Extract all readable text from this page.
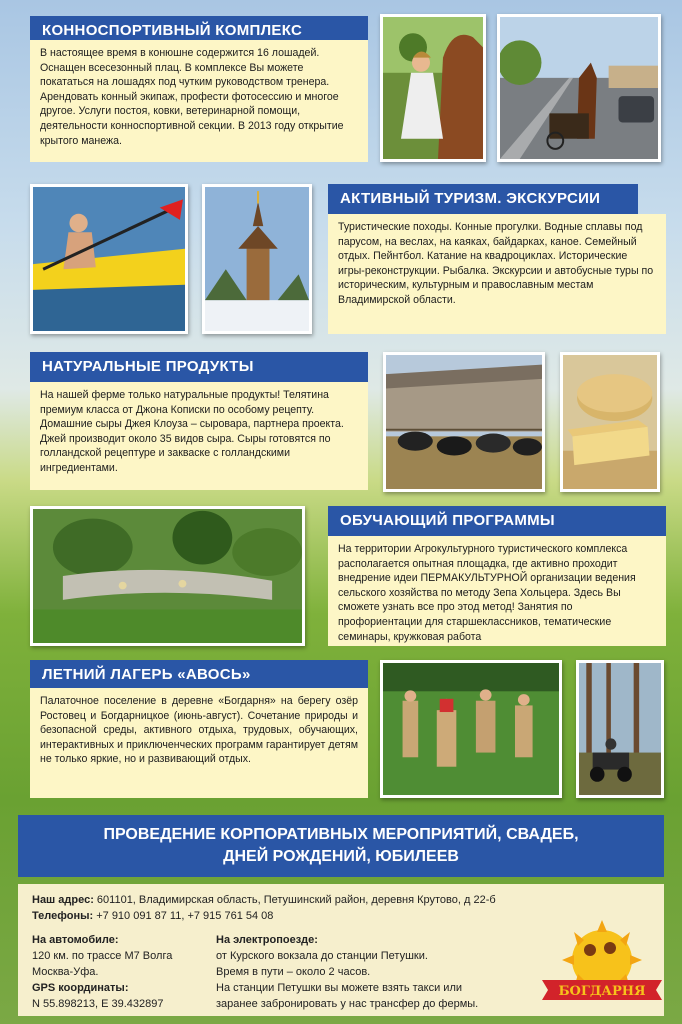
КОННОСПОРТИВНЫЙ КОМПЛЕКС
В настоящее время в конюшне содержится 16 лошадей. Оснащен всесезонный плац. В комплексе Вы можете покататься на лошадях под чутким руководством тренера. Арендовать конный экипаж, профести фотосессию и многое другое. Услуги постоя, ковки, ветеринарной помощи, деятельности конноспортивной секции. В 2013 году открытие крытого манежа.
АКТИВНЫЙ ТУРИЗМ. ЭКСКУРСИИ
Туристические походы. Конные прогулки. Водные сплавы под парусом, на веслах, на каяках, байдарках, каное. Семейный отдых. Пейнтбол. Катание на квадроциклах. Исторические игры-реконструкции. Рыбалка. Экскурсии и автобусные туры по историческим, культурным и православным местам Владимирской области.
НАТУРАЛЬНЫЕ ПРОДУКТЫ
На нашей ферме только натуральные продукты! Телятина премиум класса от Джона Кописки по особому рецепту. Домашние сыры Джея Клоуза – сыровара, партнера проекта. Джей производит около 35 видов сыра. Сыры готовятся по голландской рецептуре и закваске с голландскими ингредиентами.
ОБУЧАЮЩИЙ ПРОГРАММЫ
На территории Агрокультурного туристического комплекса располагается опытная площадка, где активно проходит внедрение идеи ПЕРМАКУЛЬТУРНОЙ организации ведения сельского хозяйства по методу Зепа Хольцера. Здесь Вы сможете узнать все про этод метод! Занятия по профориентации для старшеклассников, тематические семинары, кружковая работа
ЛЕТНИЙ ЛАГЕРЬ «АВОСЬ»
Палаточное поселение в деревне «Богдарня» на берегу озёр Ростовец и Богдарницкое (июнь-август). Сочетание природы и безопасной среды, активного отдыха, трудовых, обучающих, интерактивных и приключенческих программ гарантирует детям не только яркие, но и развивающий отдых.
ПРОВЕДЕНИЕ КОРПОРАТИВНЫХ МЕРОПРИЯТИЙ, СВАДЕБ,
ДНЕЙ РОЖДЕНИЙ, ЮБИЛЕЕВ
Наш адрес: 601101, Владимирская область, Петушинский район, деревня Крутово, д 22-б
Телефоны: +7 910 091 87 11, +7 915 761 54 08
На автомобиле:
120 км. по трассе М7 Волга
Москва-Уфа.
GPS координаты:
N 55.898213, E 39.432897
На электропоезде:
от Курского вокзала до станции Петушки.
Время в пути – около 2 часов.
На станции Петушки вы можете взять такси или
заранее забронировать у нас трансфер до фермы.
БОГДАРНЯ
